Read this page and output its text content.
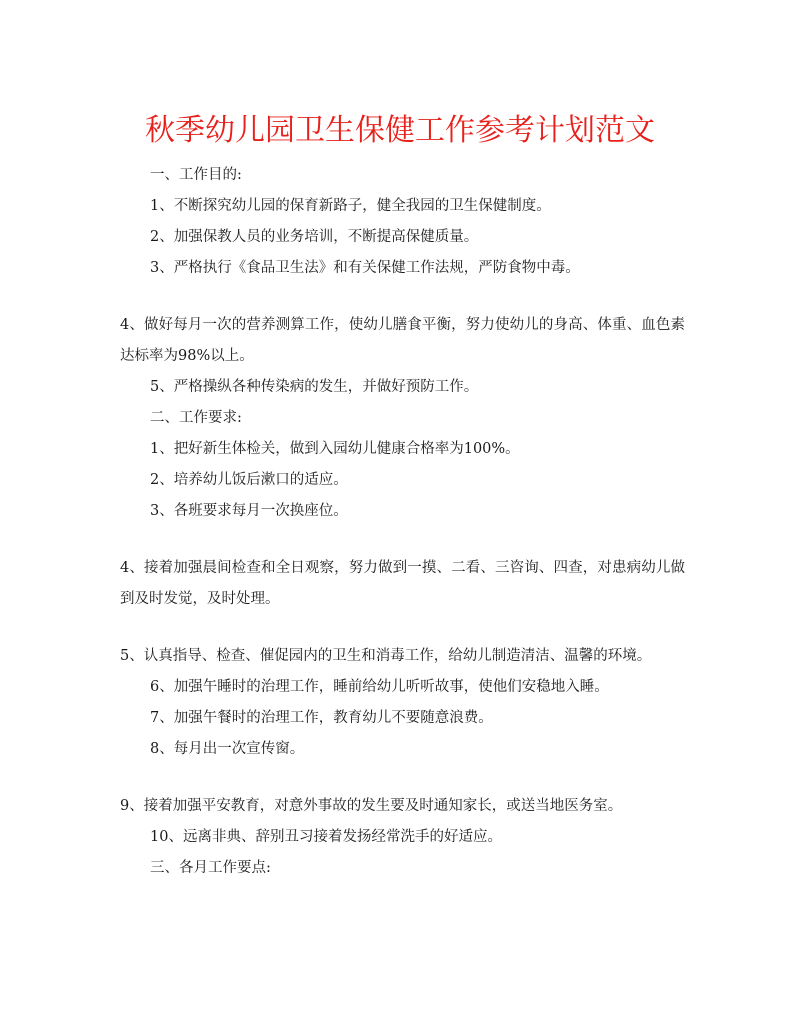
秋季幼儿园卫生保健工作参考计划范文

一、工作目的:

1、不断探究幼儿园的保育新路子，健全我园的卫生保健制度。

2、加强保教人员的业务培训，不断提高保健质量。

3、严格执行《食品卫生法》和有关保健工作法规，严防食物中毒。

4、做好每月一次的营养测算工作，使幼儿膳食平衡，努力使幼儿的身高、体重、血色素达标率为98%以上。

5、严格操纵各种传染病的发生，并做好预防工作。

二、工作要求:

1、把好新生体检关，做到入园幼儿健康合格率为100%。

2、培养幼儿饭后漱口的适应。

3、各班要求每月一次换座位。

4、接着加强晨间检查和全日观察，努力做到一摸、二看、三咨询、四查，对患病幼儿做到及时发觉，及时处理。

5、认真指导、检查、催促园内的卫生和消毒工作，给幼儿制造清洁、温馨的环境。

6、加强午睡时的治理工作，睡前给幼儿听听故事，使他们安稳地入睡。

7、加强午餐时的治理工作，教育幼儿不要随意浪费。

8、每月出一次宣传窗。

9、接着加强平安教育，对意外事故的发生要及时通知家长，或送当地医务室。

10、远离非典、辞别丑习接着发扬经常洗手的好适应。

三、各月工作要点:
